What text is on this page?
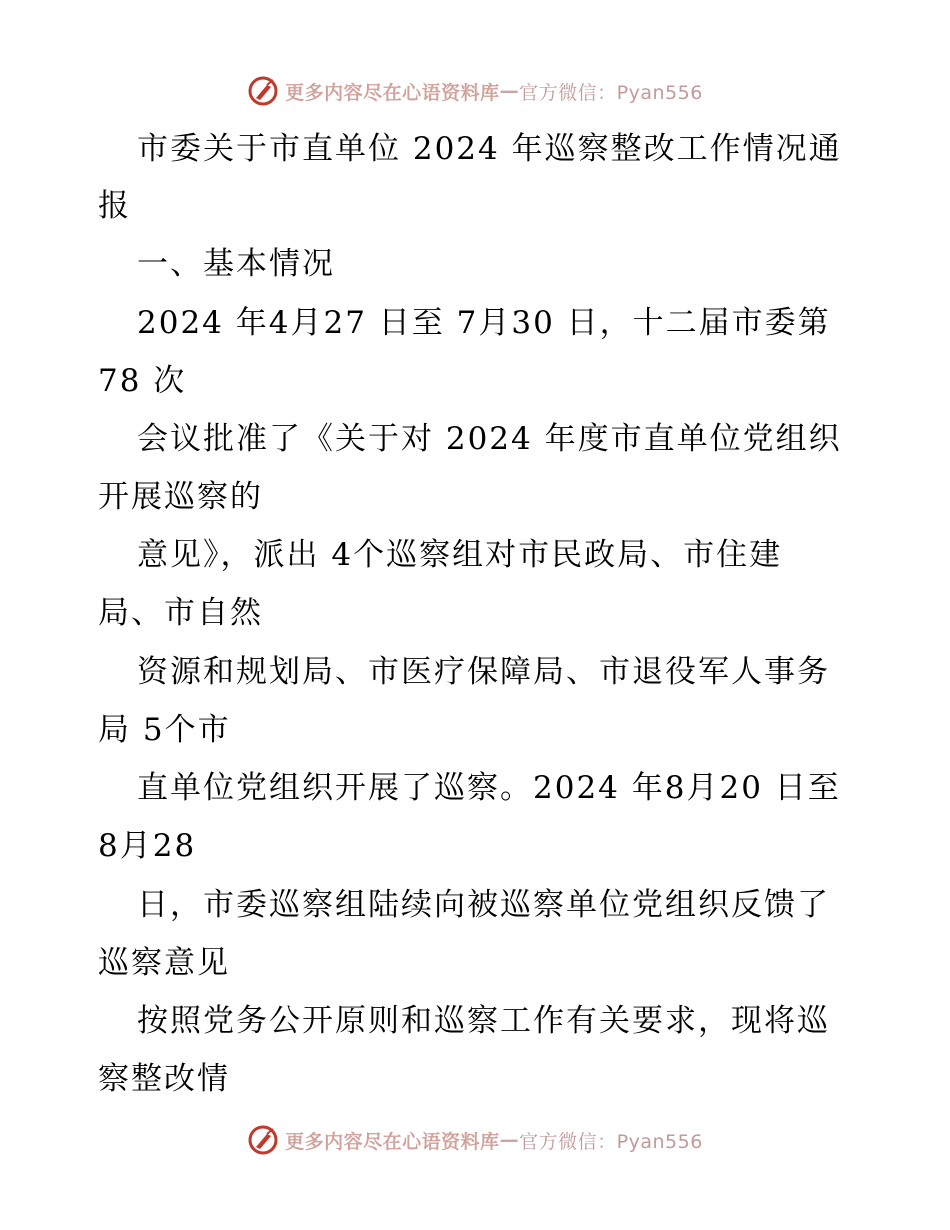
更多内容尽在心语资料库 — 官方微信：Pyan556
市委关于市直单位 2024 年巡察整改工作情况通
报
一、基本情况
2024 年4月27 日至 7月30 日，十二届市委第
78 次
会议批准了《关于对 2024 年度市直单位党组织
开展巡察的
意见》，派出 4个巡察组对市民政局、市住建
局、市自然
资源和规划局、市医疗保障局、市退役军人事务
局 5个市
直单位党组织开展了巡察。2024 年8月20 日至
8月28
日，市委巡察组陆续向被巡察单位党组织反馈了
巡察意见
按照党务公开原则和巡察工作有关要求，现将巡
察整改情
更多内容尽在心语资料库 — 官方微信：Pyan556
